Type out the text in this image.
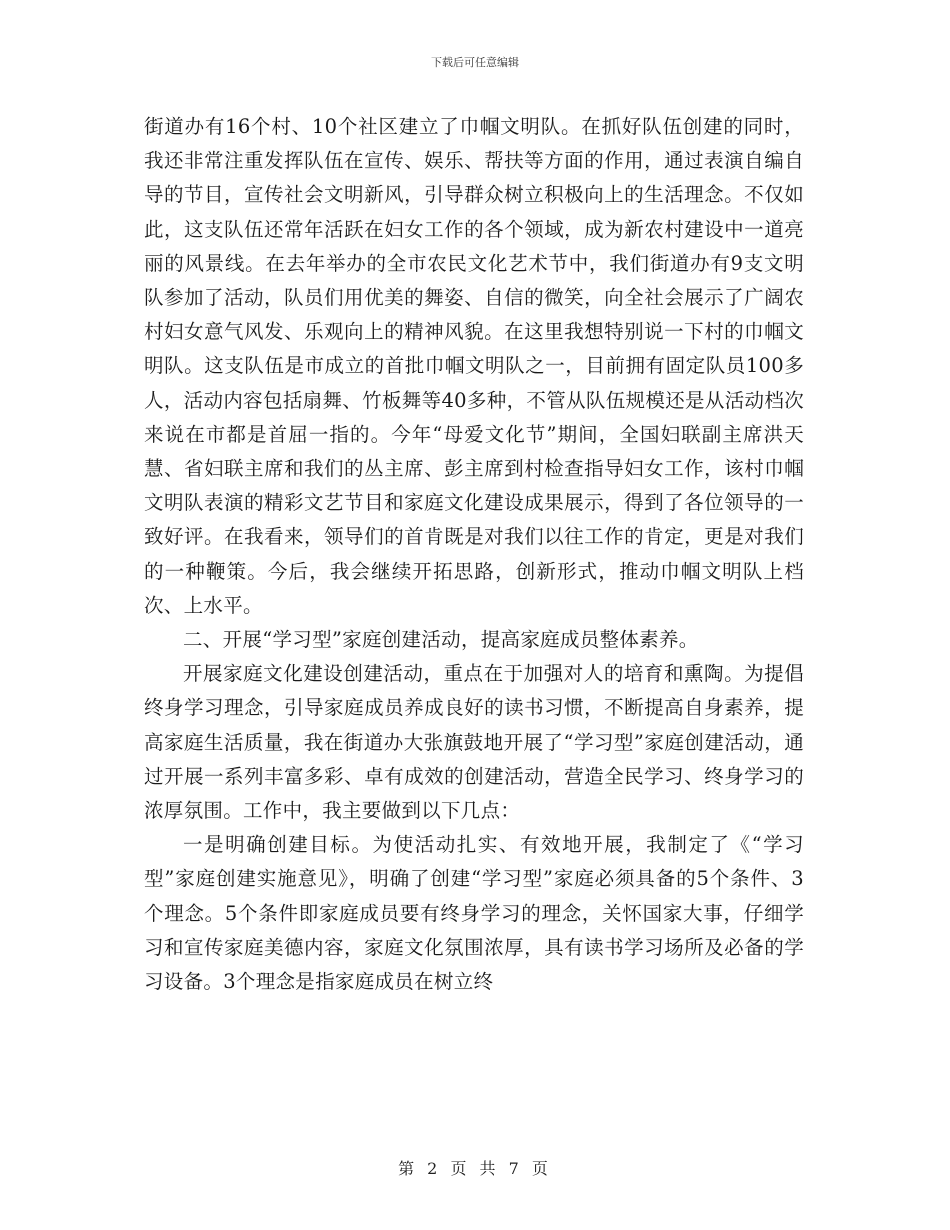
下载后可任意编辑

街道办有16个村、10个社区建立了巾帼文明队。在抓好队伍创建的同时，我还非常注重发挥队伍在宣传、娱乐、帮扶等方面的作用，通过表演自编自导的节目，宣传社会文明新风，引导群众树立积极向上的生活理念。不仅如此，这支队伍还常年活跃在妇女工作的各个领域，成为新农村建设中一道亮丽的风景线。在去年举办的全市农民文化艺术节中，我们街道办有9支文明队参加了活动，队员们用优美的舞姿、自信的微笑，向全社会展示了广阔农村妇女意气风发、乐观向上的精神风貌。在这里我想特别说一下村的巾帼文明队。这支队伍是市成立的首批巾帼文明队之一，目前拥有固定队员100多人，活动内容包括扇舞、竹板舞等40多种，不管从队伍规模还是从活动档次来说在市都是首屈一指的。今年“母爱文化节”期间，全国妇联副主席洪天慧、省妇联主席和我们的丛主席、彭主席到村检查指导妇女工作，该村巾帼文明队表演的精彩文艺节目和家庭文化建设成果展示，得到了各位领导的一致好评。在我看来，领导们的首肯既是对我们以往工作的肯定，更是对我们的一种鞭策。今后，我会继续开拓思路，创新形式，推动巾帼文明队上档次、上水平。

二、开展“学习型”家庭创建活动，提高家庭成员整体素养。

开展家庭文化建设创建活动，重点在于加强对人的培育和熏陶。为提倡终身学习理念，引导家庭成员养成良好的读书习惯，不断提高自身素养，提高家庭生活质量，我在街道办大张旗鼓地开展了“学习型”家庭创建活动，通过开展一系列丰富多彩、卓有成效的创建活动，营造全民学习、终身学习的浓厚氛围。工作中，我主要做到以下几点：

一是明确创建目标。为使活动扎实、有效地开展，我制定了《“学习型”家庭创建实施意见》，明确了创建“学习型”家庭必须具备的5个条件、3个理念。5个条件即家庭成员要有终身学习的理念，关怀国家大事，仔细学习和宣传家庭美德内容，家庭文化氛围浓厚，具有读书学习场所及必备的学习设备。3个理念是指家庭成员在树立终

第 2 页 共 7 页
